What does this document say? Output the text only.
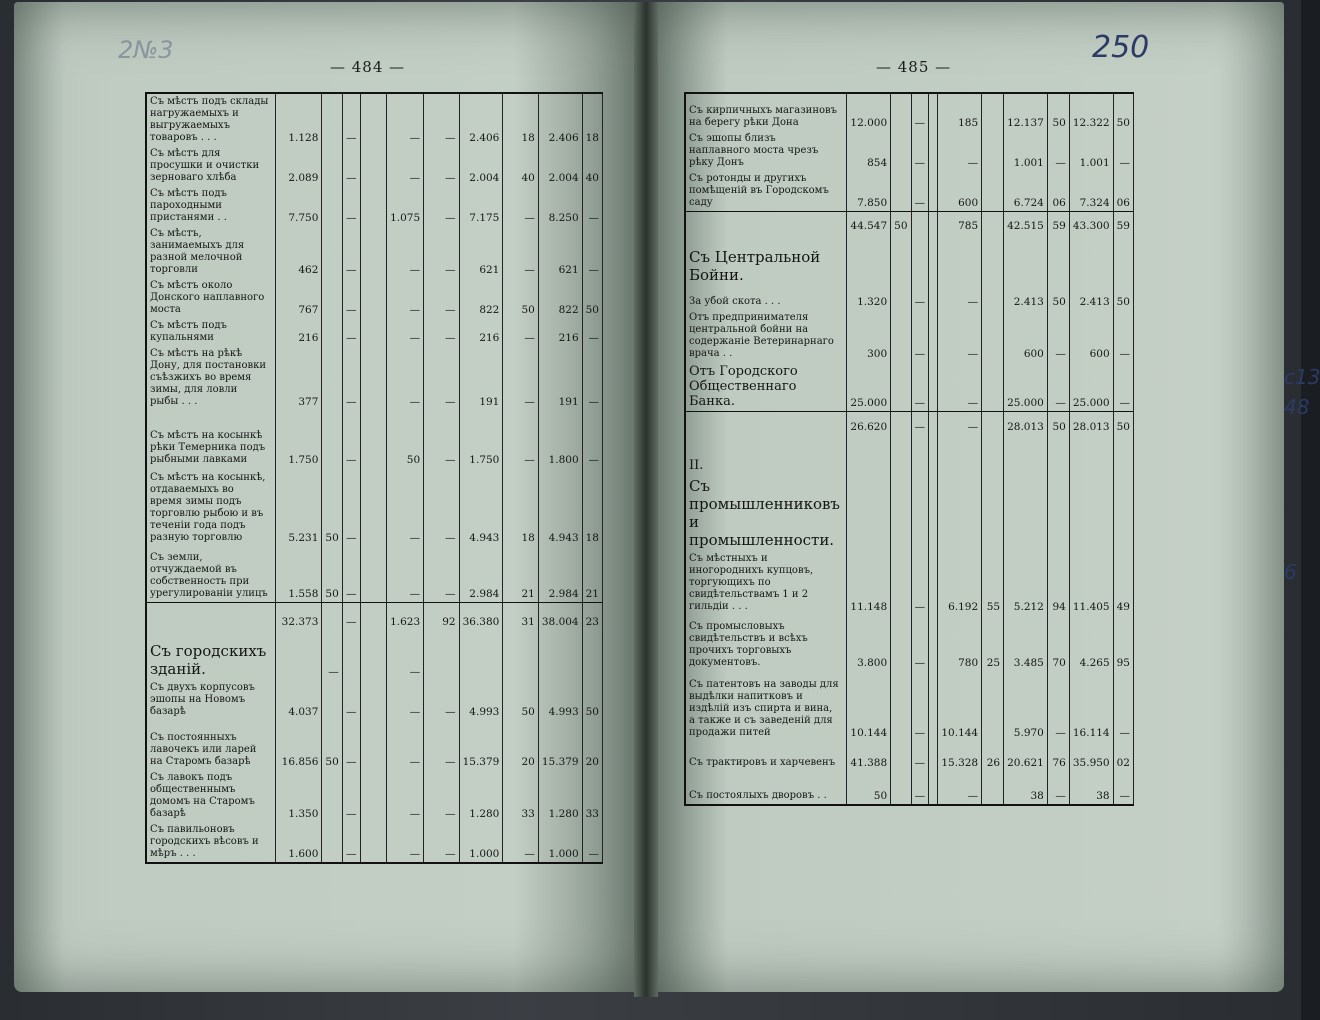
2№3	250
с13
48
6
— 484 —	— 485 —
Съ мѣстъ подъ склады нагружаемыхъ и выгружаемыхъ товаровъ . . .	1.128		—		—	—	2.406	18	2.406	18
Съ мѣстъ для просушки и очистки зерноваго хлѣба	2.089		—		—	—	2.004	40	2.004	40
Съ мѣстъ подъ пароходными пристанями . .	7.750		—		1.075	—	7.175	—	8.250	—
Съ мѣстъ, занимаемыхъ для разной мелочной торговли	462		—		—	—	621	—	621	—
Съ мѣстъ около Донского наплавного моста	767		—		—	—	822	50	822	50
Съ мѣстъ подъ купальнями	216		—		—	—	216	—	216	—
Съ мѣстъ на рѣкѣ Дону, для постановки съѣзжихъ во время зимы, для ловли рыбы . . .	377		—		—	—	191	—	191	—
Съ мѣстъ на косынкѣ рѣки Темерника подъ рыбными лавками	1.750		—		50	—	1.750	—	1.800	—
Съ мѣстъ на косынкѣ, отдаваемыхъ во время зимы подъ торговлю рыбою и въ теченіи года подъ разную торговлю	5.231	50	—		—	—	4.943	18	4.943	18
Съ земли, отчуждаемой въ собственность при урегулированіи улицъ	1.558	50	—		—	—	2.984	21	2.984	21
	32.373		—		1.623	92	36.380	31	38.004	23
Съ городскихъ зданій.		—			—					
Съ двухъ корпусовъ эшопы на Новомъ базарѣ	4.037		—		—	—	4.993	50	4.993	50
Съ постоянныхъ лавочекъ или ларей на Старомъ базарѣ	16.856	50	—		—	—	15.379	20	15.379	20
Съ лавокъ подъ общественнымъ домомъ на Старомъ базарѣ	1.350		—		—	—	1.280	33	1.280	33
Съ павильоновъ городскихъ вѣсовъ и мѣръ . . .	1.600		—		—	—	1.000	—	1.000	—
Съ кирпичныхъ магазиновъ на берегу рѣки Дона	12.000		—		185		12.137	50	12.322	50
Съ эшопы близъ наплавного моста чрезъ рѣку Донъ	854		—		—		1.001	—	1.001	—
Съ ротонды и другихъ помѣщеній въ Городскомъ саду	7.850		—		600		6.724	06	7.324	06
	44.547	50			785		42.515	59	43.300	59
Съ Центральной Бойни.										
За убой скота . . .	1.320		—		—		2.413	50	2.413	50
Отъ предпринимателя центральной бойни на содержаніе Ветеринарнаго врача . .	300		—		—		600	—	600	—
Отъ Городского Общественнаго Банка.	25.000		—		—		25.000	—	25.000	—
	26.620		—		—		28.013	50	28.013	50
II.										
Съ промышленниковъ и промышленности.										
Съ мѣстныхъ и иногороднихъ купцовъ, торгующихъ по свидѣтельствамъ 1 и 2 гильдіи . . .	11.148		—		6.192	55	5.212	94	11.405	49
Съ промысловыхъ свидѣтельствъ и всѣхъ прочихъ торговыхъ документовъ.	3.800		—		780	25	3.485	70	4.265	95
Съ патентовъ на заводы для выдѣлки напитковъ и издѣлій изъ спирта и вина, а также и съ заведеній для продажи питей	10.144		—		10.144		5.970	—	16.114	—
Съ трактировъ и харчевенъ	41.388		—		15.328	26	20.621	76	35.950	02
Съ постоялыхъ дворовъ . .	50		—		—		38	—	38	—
